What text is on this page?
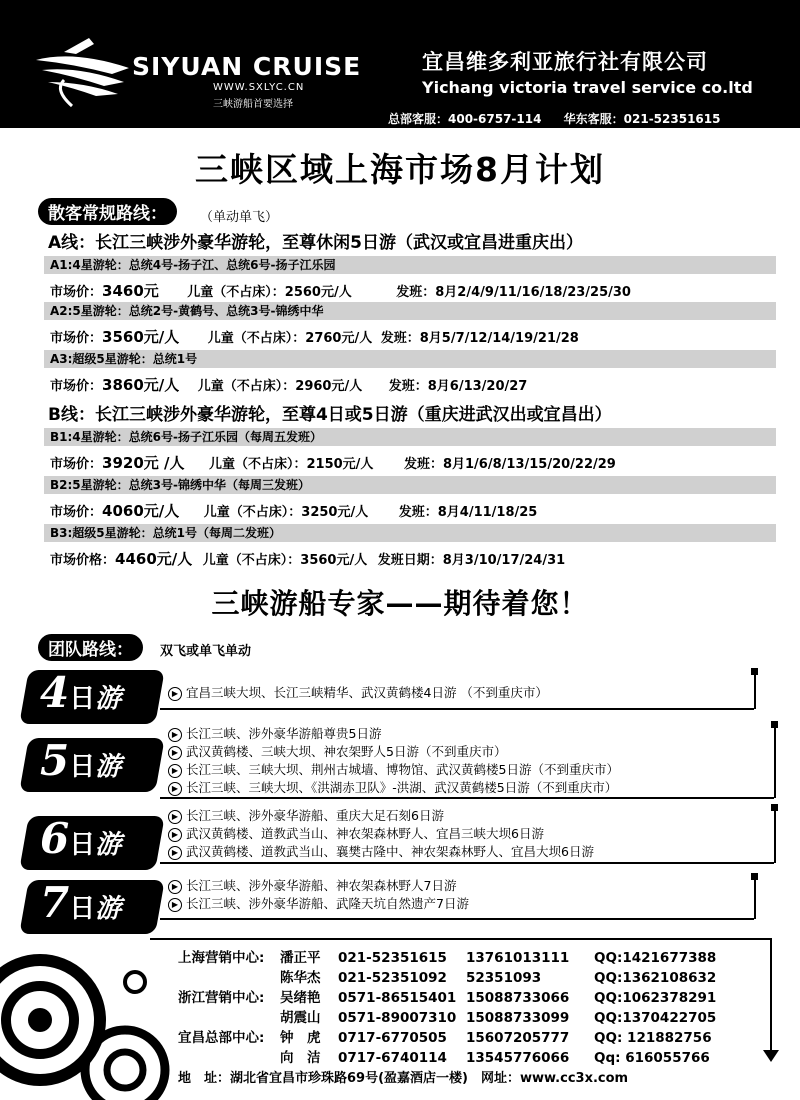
SIYUAN CRUISE
WWW.SXLYC.CN
三峡游船首要选择
宜昌维多利亚旅行社有限公司
Yichang victoria travel service co.ltd
总部客服：400-6757-114 华东客服：021-52351615
三峡区域上海市场8月计划
散客常规路线：	（单动单飞）
A线：长江三峡涉外豪华游轮，至尊休闲5日游（武汉或宜昌进重庆出）
A1:4星游轮：总统4号-扬子江、总统6号-扬子江乐园
市场价：3460元 儿童（不占床）：2560元/人	发班：8月2/4/9/11/16/18/23/25/30
A2:5星游轮：总统2号-黄鹤号、总统3号-锦绣中华
市场价：3560元/人 儿童（不占床）：2760元/人 发班：8月5/7/12/14/19/21/28
A3:超级5星游轮：总统1号
市场价：3860元/人 儿童（不占床）：2960元/人 发班：8月6/13/20/27
B线：长江三峡涉外豪华游轮，至尊4日或5日游（重庆进武汉出或宜昌出）
B1:4星游轮：总统6号-扬子江乐园（每周五发班）
市场价：3920元 /人 儿童（不占床）：2150元/人 发班：8月1/6/8/13/15/20/22/29
B2:5星游轮：总统3号-锦绣中华（每周三发班）
市场价：4060元/人 儿童（不占床）：3250元/人 发班：8月4/11/18/25
B3:超级5星游轮：总统1号（每周二发班）
市场价格：4460元/人 儿童（不占床）：3560元/人 发班日期：8月3/10/17/24/31
三峡游船专家——期待着您！
团队路线：	双飞或单飞单动
4日游	▶ 宜昌三峡大坝、长江三峡精华、武汉黄鹤楼4日游 （不到重庆市）
5日游
▶ 长江三峡、涉外豪华游船尊贵5日游
▶ 武汉黄鹤楼、三峡大坝、神农架野人5日游（不到重庆市）
▶ 长江三峡、三峡大坝、荆州古城墙、博物馆、武汉黄鹤楼5日游（不到重庆市）
▶ 长江三峡、三峡大坝、《洪湖赤卫队》-洪湖、武汉黄鹤楼5日游（不到重庆市）
6日游
▶ 长江三峡、涉外豪华游船、重庆大足石刻6日游
▶ 武汉黄鹤楼、道教武当山、神农架森林野人、宜昌三峡大坝6日游
▶ 武汉黄鹤楼、道教武当山、襄樊古隆中、神农架森林野人、宜昌大坝6日游
7日游
▶ 长江三峡、涉外豪华游船、神农架森林野人7日游
▶ 长江三峡、涉外豪华游船、武隆天坑自然遗产7日游
上海营销中心: 潘正平 021-52351615 13761013111 QQ:1421677388
陈华杰 021-52351092 52351093	QQ:1362108632
浙江营销中心: 吴绪艳 0571-86515401 15088733066 QQ:1062378291
胡震山 0571-89007310 15088733099 QQ:1370422705
宜昌总部中心: 钟　虎 0717-6770505 15607205777 QQ: 121882756
向　洁 0717-6740114 13545776066 Qq: 616055766
地　址：湖北省宜昌市珍珠路69号(盈嘉酒店一楼)　网址：www.cc3x.com
